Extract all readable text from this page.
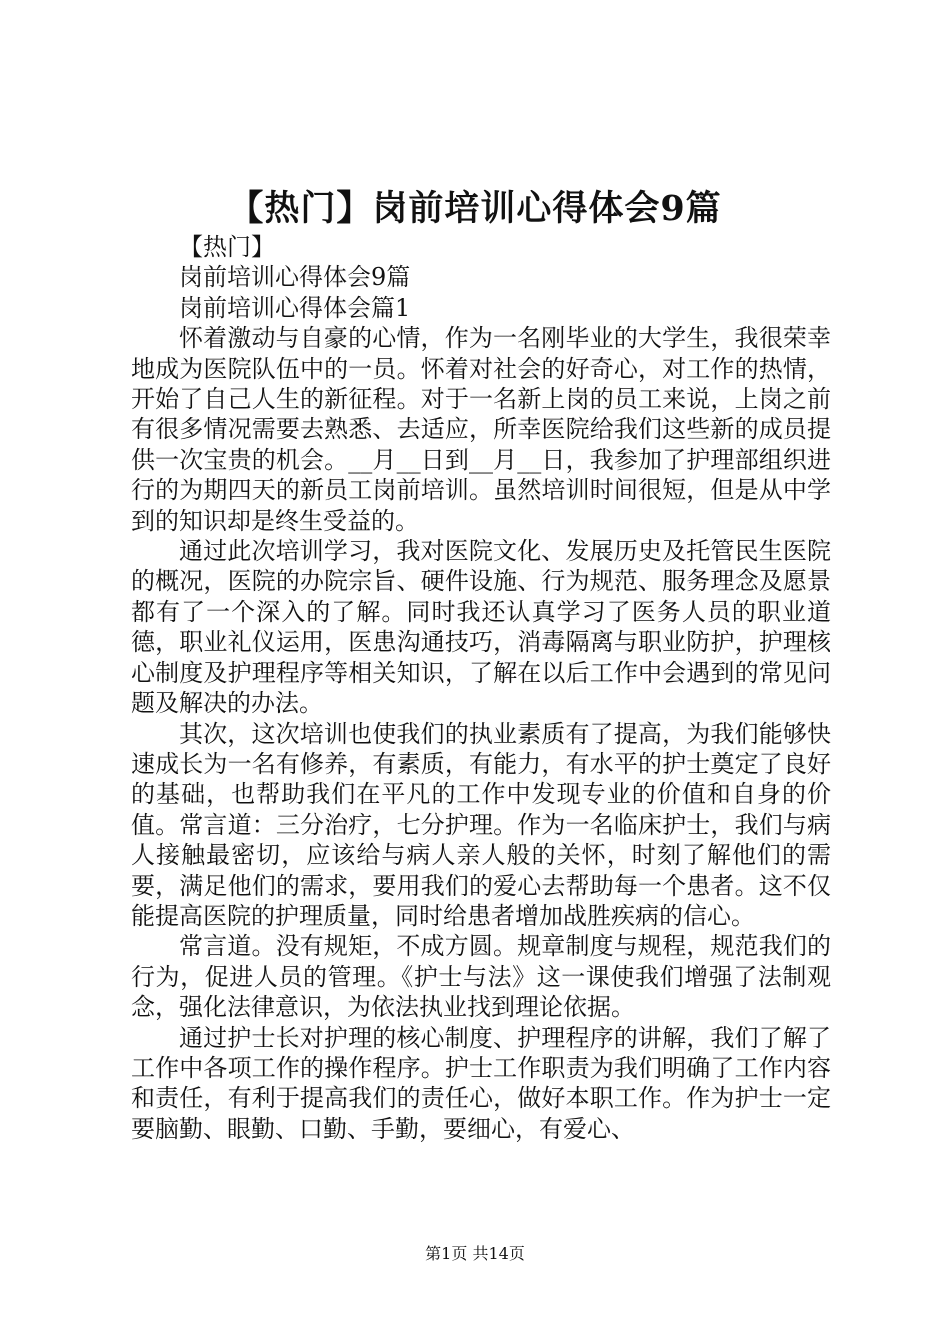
【热门】岗前培训心得体会9篇

【热门】

岗前培训心得体会9篇

岗前培训心得体会篇1

怀着激动与自豪的心情，作为一名刚毕业的大学生，我很荣幸地成为医院队伍中的一员。怀着对社会的好奇心，对工作的热情，开始了自己人生的新征程。对于一名新上岗的员工来说，上岗之前有很多情况需要去熟悉、去适应，所幸医院给我们这些新的成员提供一次宝贵的机会。__月__日到__月__日，我参加了护理部组织进行的为期四天的新员工岗前培训。虽然培训时间很短，但是从中学到的知识却是终生受益的。

通过此次培训学习，我对医院文化、发展历史及托管民生医院的概况，医院的办院宗旨、硬件设施、行为规范、服务理念及愿景都有了一个深入的了解。同时我还认真学习了医务人员的职业道德，职业礼仪运用，医患沟通技巧，消毒隔离与职业防护，护理核心制度及护理程序等相关知识，了解在以后工作中会遇到的常见问题及解决的办法。

其次，这次培训也使我们的执业素质有了提高，为我们能够快速成长为一名有修养，有素质，有能力，有水平的护士奠定了良好的基础，也帮助我们在平凡的工作中发现专业的价值和自身的价值。常言道：三分治疗，七分护理。作为一名临床护士，我们与病人接触最密切，应该给与病人亲人般的关怀，时刻了解他们的需要，满足他们的需求，要用我们的爱心去帮助每一个患者。这不仅能提高医院的护理质量，同时给患者增加战胜疾病的信心。

常言道。没有规矩，不成方圆。规章制度与规程，规范我们的行为，促进人员的管理。《护士与法》这一课使我们增强了法制观念，强化法律意识，为依法执业找到理论依据。

通过护士长对护理的核心制度、护理程序的讲解，我们了解了工作中各项工作的操作程序。护士工作职责为我们明确了工作内容和责任，有利于提高我们的责任心，做好本职工作。作为护士一定要脑勤、眼勤、口勤、手勤，要细心，有爱心、

第1页 共14页
